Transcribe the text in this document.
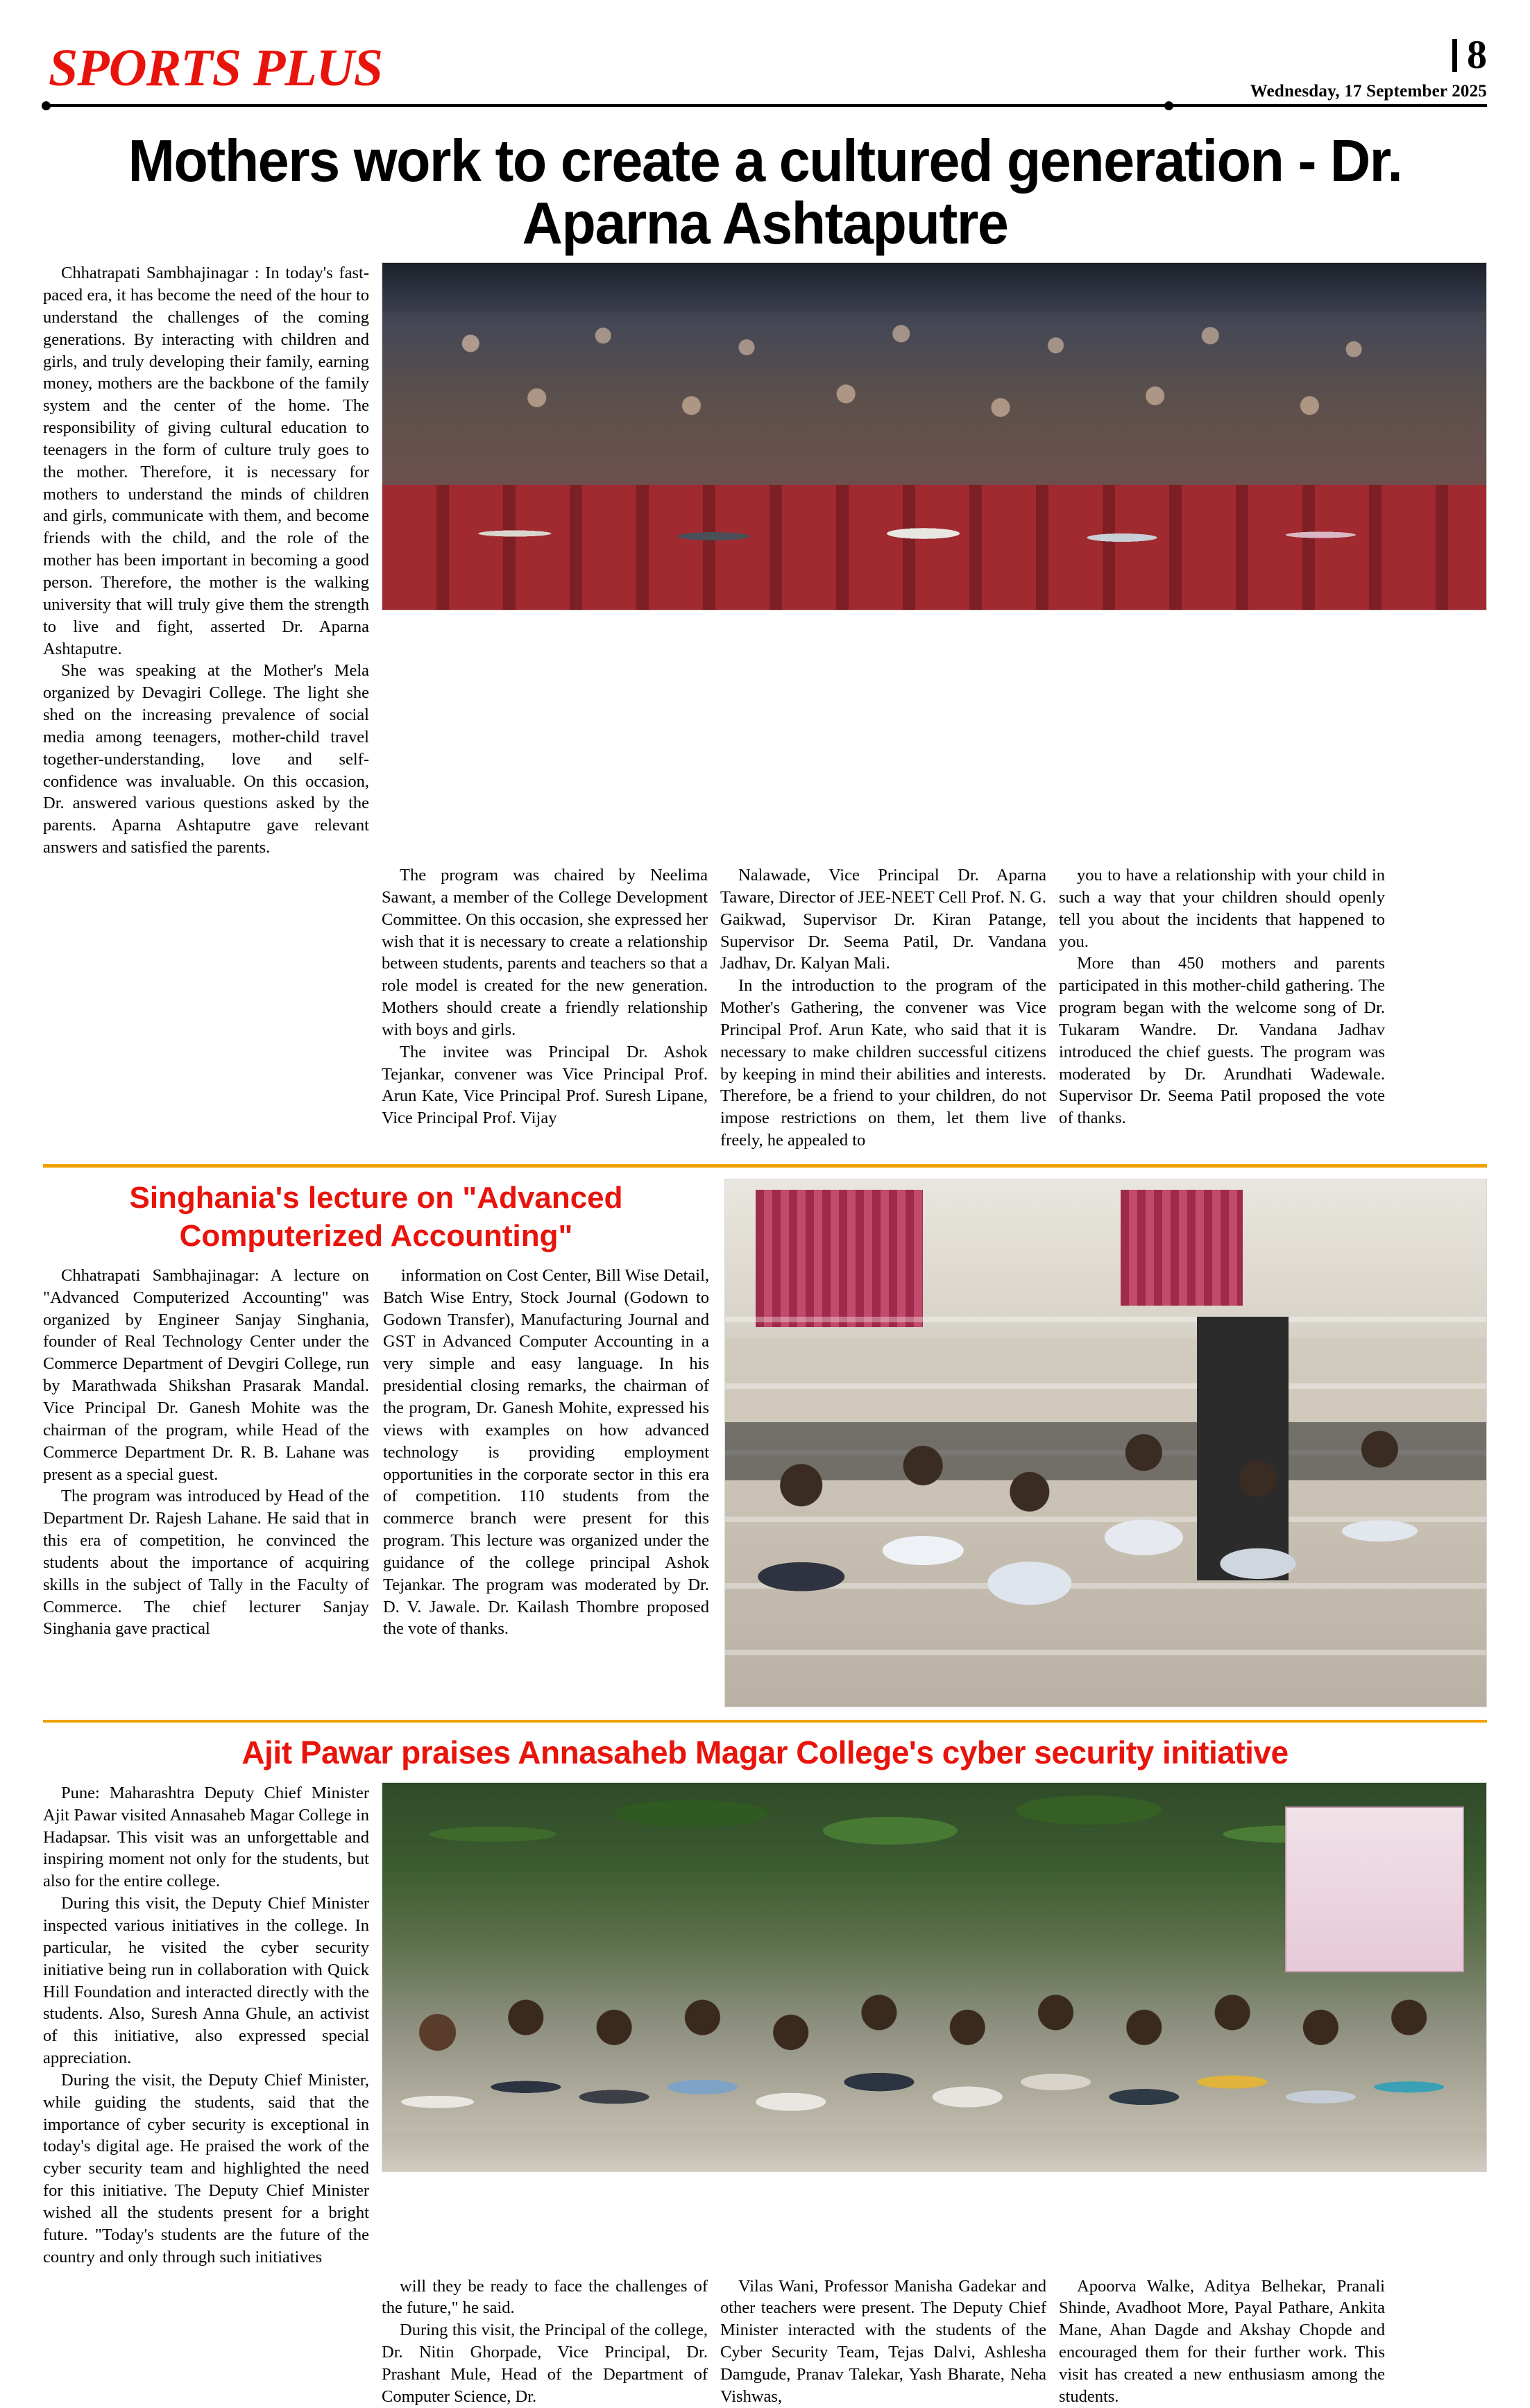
SPORTS PLUS	8
Wednesday, 17 September 2025
Mothers work to create a cultured generation - Dr. Aparna Ashtaputre

Chhatrapati Sambhajinagar : In today's fast-paced era, it has become the need of the hour to understand the challenges of the coming generations. By interacting with children and girls, and truly developing their family, earning money, mothers are the backbone of the family system and the center of the home. The responsibility of giving cultural education to teenagers in the form of culture truly goes to the mother. Therefore, it is necessary for mothers to understand the minds of children and girls, communicate with them, and become friends with the child, and the role of the mother has been important in becoming a good person. Therefore, the mother is the walking university that will truly give them the strength to live and fight, asserted Dr. Aparna Ashtaputre.

She was speaking at the Mother's Mela organized by Devagiri College. The light she shed on the increasing prevalence of social media among teenagers, mother-child travel together-understanding, love and self-confidence was invaluable. On this occasion, Dr. answered various questions asked by the parents. Aparna Ashtaputre gave relevant answers and satisfied the parents.

The program was chaired by Neelima Sawant, a member of the College Development Committee. On this occasion, she expressed her wish that it is necessary to create a relationship between students, parents and teachers so that a role model is created for the new generation. Mothers should create a friendly relationship with boys and girls.

The invitee was Principal Dr. Ashok Tejankar, convener was Vice Principal Prof. Arun Kate, Vice Principal Prof. Suresh Lipane, Vice Principal Prof. Vijay

Nalawade, Vice Principal Dr. Aparna Taware, Director of JEE-NEET Cell Prof. N. G. Gaikwad, Supervisor Dr. Kiran Patange, Supervisor Dr. Seema Patil, Dr. Vandana Jadhav, Dr. Kalyan Mali.

In the introduction to the program of the Mother's Gathering, the convener was Vice Principal Prof. Arun Kate, who said that it is necessary to make children successful citizens by keeping in mind their abilities and interests. Therefore, be a friend to your children, do not impose restrictions on them, let them live freely, he appealed to

you to have a relationship with your child in such a way that your children should openly tell you about the incidents that happened to you.

More than 450 mothers and parents participated in this mother-child gathering. The program began with the welcome song of Dr. Tukaram Wandre. Dr. Vandana Jadhav introduced the chief guests. The program was moderated by Dr. Arundhati Wadewale. Supervisor Dr. Seema Patil proposed the vote of thanks.

Singhania's lecture on "Advanced Computerized Accounting"

Chhatrapati Sambhajinagar: A lecture on "Advanced Computerized Accounting" was organized by Engineer Sanjay Singhania, founder of Real Technology Center under the Commerce Department of Devgiri College, run by Marathwada Shikshan Prasarak Mandal. Vice Principal Dr. Ganesh Mohite was the chairman of the program, while Head of the Commerce Department Dr. R. B. Lahane was present as a special guest.

The program was introduced by Head of the Department Dr. Rajesh Lahane. He said that in this era of competition, he convinced the students about the importance of acquiring skills in the subject of Tally in the Faculty of Commerce. The chief lecturer Sanjay Singhania gave practical

information on Cost Center, Bill Wise Detail, Batch Wise Entry, Stock Journal (Godown to Godown Transfer), Manufacturing Journal and GST in Advanced Computer Accounting in a very simple and easy language. In his presidential closing remarks, the chairman of the program, Dr. Ganesh Mohite, expressed his views with examples on how advanced technology is providing employment opportunities in the corporate sector in this era of competition. 110 students from the commerce branch were present for this program. This lecture was organized under the guidance of the college principal Ashok Tejankar. The program was moderated by Dr. D. V. Jawale. Dr. Kailash Thombre proposed the vote of thanks.

Ajit Pawar praises Annasaheb Magar College's cyber security initiative

Pune: Maharashtra Deputy Chief Minister Ajit Pawar visited Annasaheb Magar College in Hadapsar. This visit was an unforgettable and inspiring moment not only for the students, but also for the entire college.

During this visit, the Deputy Chief Minister inspected various initiatives in the college. In particular, he visited the cyber security initiative being run in collaboration with Quick Hill Foundation and interacted directly with the students. Also, Suresh Anna Ghule, an activist of this initiative, also expressed special appreciation.

During the visit, the Deputy Chief Minister, while guiding the students, said that the importance of cyber security is exceptional in today's digital age. He praised the work of the cyber security team and highlighted the need for this initiative. The Deputy Chief Minister wished all the students present for a bright future. "Today's students are the future of the country and only through such initiatives

will they be ready to face the challenges of the future," he said.

During this visit, the Principal of the college, Dr. Nitin Ghorpade, Vice Principal, Dr. Prashant Mule, Head of the Department of Computer Science, Dr.

Vilas Wani, Professor Manisha Gadekar and other teachers were present. The Deputy Chief Minister interacted with the students of the Cyber Security Team, Tejas Dalvi, Ashlesha Damgude, Pranav Talekar, Yash Bharate, Neha Vishwas,

Apoorva Walke, Aditya Belhekar, Pranali Shinde, Avadhoot More, Payal Pathare, Ankita Mane, Ahan Dagde and Akshay Chopde and encouraged them for their further work. This visit has created a new enthusiasm among the students.
